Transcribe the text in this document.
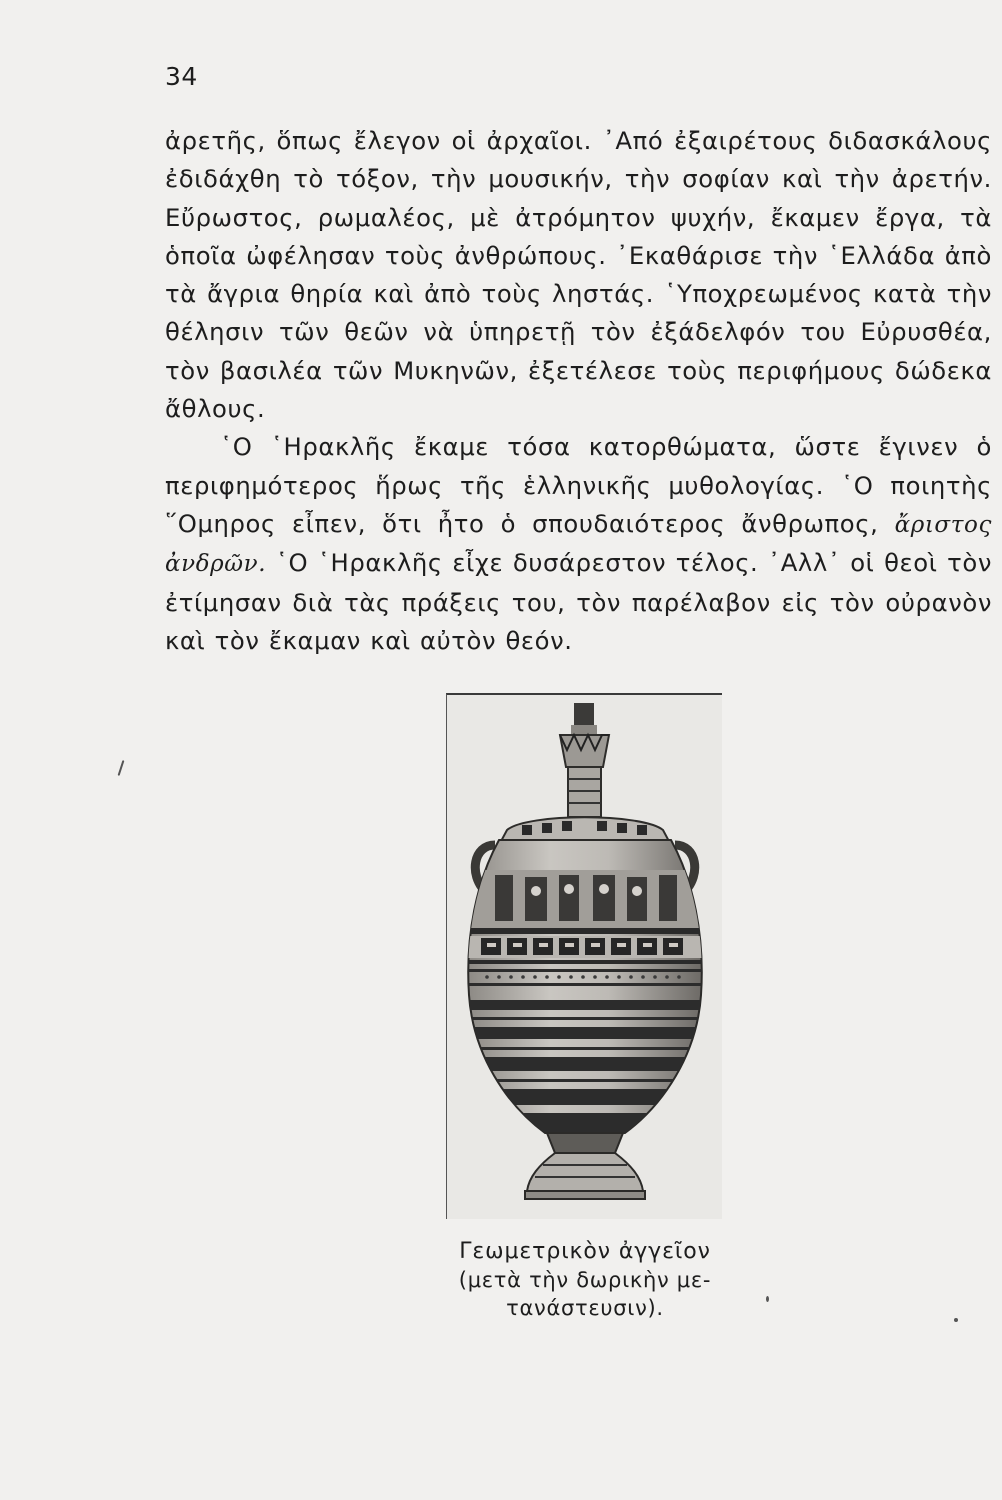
34

ἀρετῆς, ὅπως ἔλεγον οἱ ἀρχαῖοι. ᾿Από ἐξαιρέτους διδασκάλους ἐδιδάχθη τὸ τόξον, τὴν μουσικήν, τὴν σοφίαν καὶ τὴν ἀρετήν. Εὔρωστος, ρωμαλέος, μὲ ἀτρόμητον ψυχήν, ἔκαμεν ἔργα, τὰ ὁποῖα ὠφέλησαν τοὺς ἀνθρώπους. ᾿Εκαθάρισε τὴν ῾Ελλάδα ἀπὸ τὰ ἄγρια θηρία καὶ ἀπὸ τοὺς ληστάς. ῾Υποχρεωμένος κατὰ τὴν θέλησιν τῶν θεῶν νὰ ὑπηρετῇ τὸν ἐξάδελφόν του Εὐρυσθέα, τὸν βασιλέα τῶν Μυκηνῶν, ἐξετέλεσε τοὺς περιφήμους δώδεκα ἄθλους.

῾Ο ῾Ηρακλῆς ἔκαμε τόσα κατορθώματα, ὥστε ἔγινεν ὁ περιφημότερος ἥρως τῆς ἑλληνικῆς μυθολογίας. ῾Ο ποιητὴς ῞Ομηρος εἶπεν, ὅτι ἦτο ὁ σπουδαιότερος ἄνθρωπος, ἄριστος ἀνδρῶν. ῾Ο ῾Ηρακλῆς εἶχε δυσάρεστον τέλος. ᾿Αλλ᾿ οἱ θεοὶ τὸν ἐτίμησαν διὰ τὰς πράξεις του, τὸν παρέλαβον εἰς τὸν οὐρανὸν καὶ τὸν ἔκαμαν καὶ αὐτὸν θεόν.

Γεωμετρικὸν ἀγγεῖον
(μετὰ τὴν δωρικὴν με-
τανάστευσιν).
